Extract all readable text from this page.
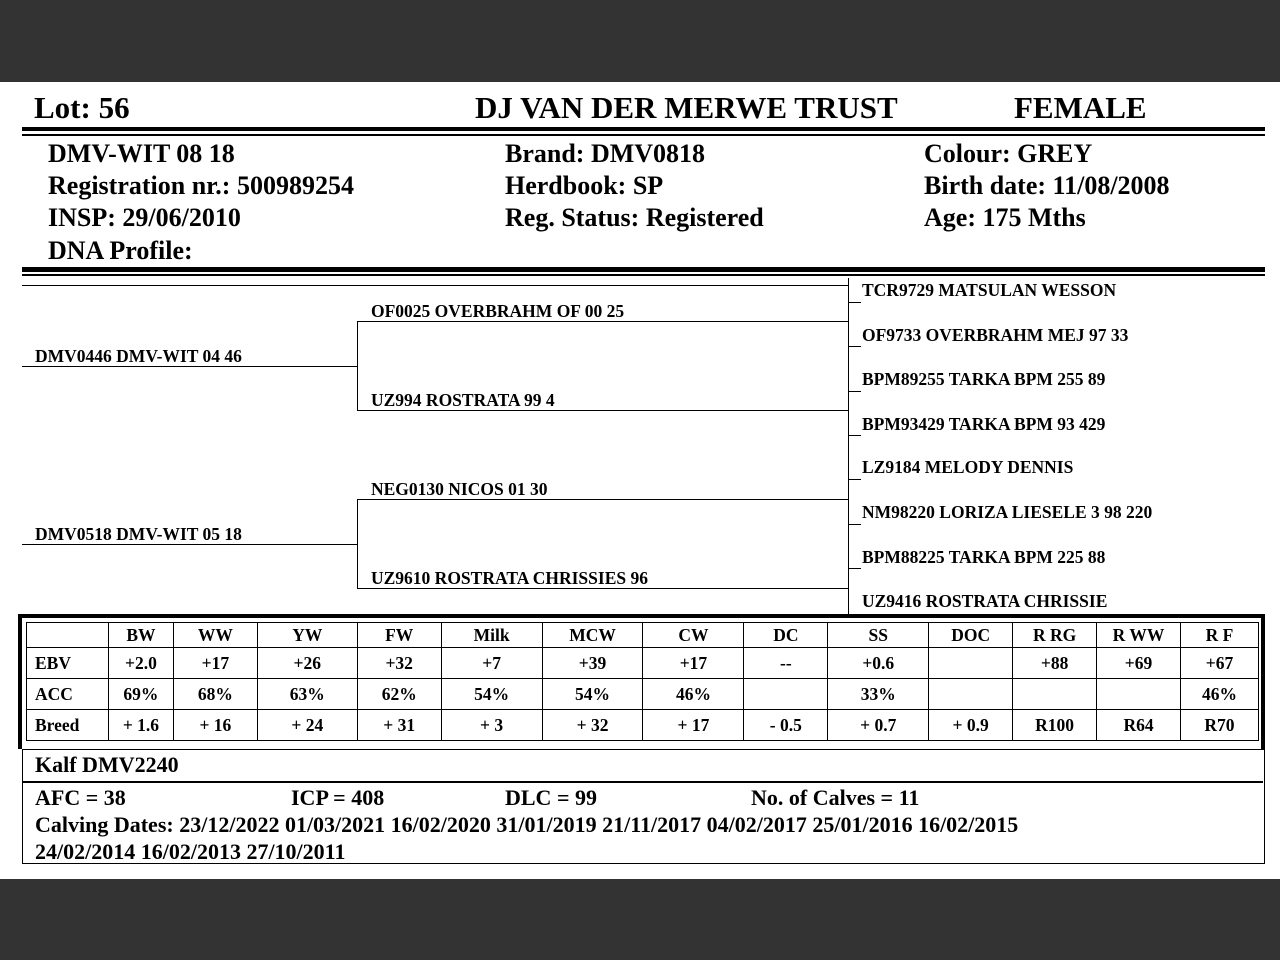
Lot: 56	DJ VAN DER MERWE TRUST	FEMALE
DMV-WIT 08 18
Registration nr.: 500989254
INSP: 29/06/2010
DNA Profile:
Brand: DMV0818
Herdbook: SP
Reg. Status: Registered
Colour: GREY
Birth date: 11/08/2008
Age: 175 Mths
DMV0446 DMV-WIT 04 46
DMV0518 DMV-WIT 05 18
OF0025 OVERBRAHM OF 00 25
UZ994 ROSTRATA 99 4
NEG0130 NICOS 01 30
UZ9610 ROSTRATA CHRISSIES 96
TCR9729 MATSULAN WESSON
OF9733 OVERBRAHM MEJ 97 33
BPM89255 TARKA BPM 255 89
BPM93429 TARKA BPM 93 429
LZ9184 MELODY DENNIS
NM98220 LORIZA LIESELE 3 98 220
BPM88225 TARKA BPM 225 88
UZ9416 ROSTRATA CHRISSIE
	BW	WW	YW	FW	Milk	MCW	CW	DC	SS	DOC	R RG	R WW	R F
EBV	+2.0	+17	+26	+32	+7	+39	+17	--	+0.6		+88	+69	+67
ACC	69%	68%	63%	62%	54%	54%	46%		33%				46%
Breed	+ 1.6	+ 16	+ 24	+ 31	+ 3	+ 32	+ 17	- 0.5	+ 0.7	+ 0.9	R100	R64	R70
Kalf DMV2240
AFC = 38	ICP = 408	DLC = 99	No. of Calves = 11
Calving Dates: 23/12/2022 01/03/2021 16/02/2020 31/01/2019 21/11/2017 04/02/2017 25/01/2016 16/02/2015
24/02/2014 16/02/2013 27/10/2011
